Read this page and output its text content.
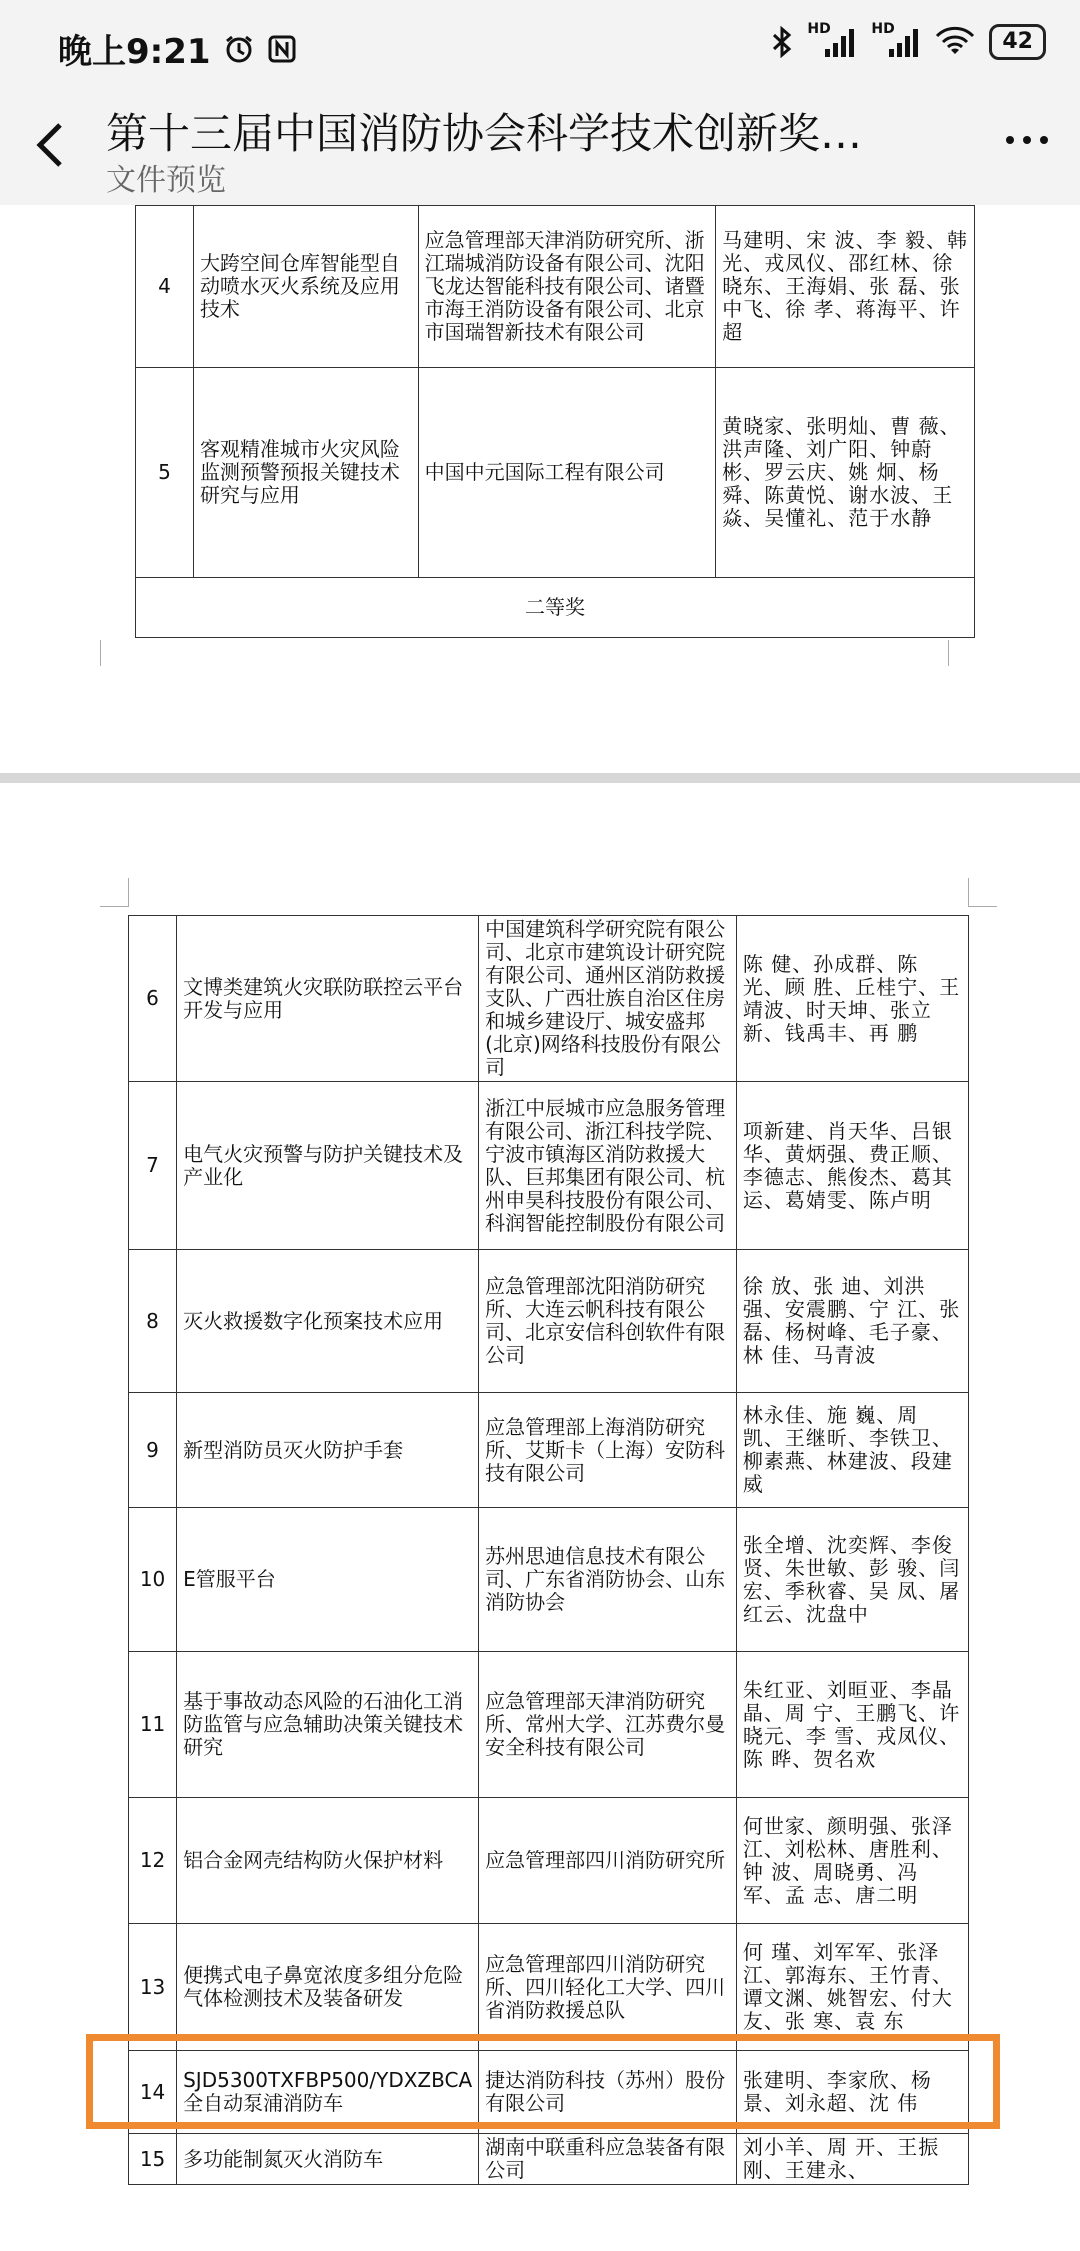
晚上9:21
HD	HD	42
第十三届中国消防协会科学技术创新奖…
文件预览
4	大跨空间仓库智能型自动喷水灭火系统及应用技术	应急管理部天津消防研究所、浙江瑞城消防设备有限公司、沈阳飞龙达智能科技有限公司、诸暨市海王消防设备有限公司、北京市国瑞智新技术有限公司	马建明、宋 波、李 毅、韩 光、戎凤仪、邵红林、徐晓东、王海娟、张 磊、张中飞、徐 孝、蒋海平、许 超
5	客观精准城市火灾风险监测预警预报关键技术研究与应用	中国中元国际工程有限公司	黄晓家、张明灿、曹 薇、洪声隆、刘广阳、钟蔚彬、罗云庆、姚 炯、杨 舜、陈黄悦、谢水波、王 焱、吴懂礼、范于水静
二等奖			
6	文博类建筑火灾联防联控云平台开发与应用	中国建筑科学研究院有限公司、北京市建筑设计研究院有限公司、通州区消防救援支队、广西壮族自治区住房和城乡建设厅、城安盛邦(北京)网络科技股份有限公司	陈 健、孙成群、陈 光、顾 胜、丘桂宁、王靖波、时天坤、张立新、钱禹丰、再 鹏
7	电气火灾预警与防护关键技术及产业化	浙江中辰城市应急服务管理有限公司、浙江科技学院、宁波市镇海区消防救援大队、巨邦集团有限公司、杭州申昊科技股份有限公司、科润智能控制股份有限公司	项新建、肖天华、吕银华、黄炳强、费正顺、李德志、熊俊杰、葛其运、葛婧雯、陈卢明
8	灭火救援数字化预案技术应用	应急管理部沈阳消防研究所、大连云帆科技有限公司、北京安信科创软件有限公司	徐 放、张 迪、刘洪强、安震鹏、宁 江、张 磊、杨树峰、毛子豪、林 佳、马青波
9	新型消防员灭火防护手套	应急管理部上海消防研究所、艾斯卡（上海）安防科技有限公司	林永佳、施 巍、周 凯、王继昕、李铁卫、柳素燕、林建波、段建威
10	E管服平台	苏州思迪信息技术有限公司、广东省消防协会、山东消防协会	张全增、沈奕辉、李俊贤、朱世敏、彭 骏、闫 宏、季秋睿、吴 凤、屠红云、沈盘中
11	基于事故动态风险的石油化工消防监管与应急辅助决策关键技术研究	应急管理部天津消防研究所、常州大学、江苏费尔曼安全科技有限公司	朱红亚、刘晅亚、李晶晶、周 宁、王鹏飞、许晓元、李 雪、戎凤仪、陈 晔、贺名欢
12	铝合金网壳结构防火保护材料	应急管理部四川消防研究所	何世家、颜明强、张泽江、刘松林、唐胜利、钟 波、周晓勇、冯 军、孟 志、唐二明
13	便携式电子鼻宽浓度多组分危险气体检测技术及装备研发	应急管理部四川消防研究所、四川轻化工大学、四川省消防救援总队	何 瑾、刘军军、张泽江、郭海东、王竹青、谭文渊、姚智宏、付大友、张 寒、袁 东
14	SJD5300TXFBP500/YDXZBCA全自动泵浦消防车	捷达消防科技（苏州）股份有限公司	张建明、李家欣、杨 景、刘永超、沈 伟
15	多功能制氮灭火消防车	湖南中联重科应急装备有限公司	刘小羊、周 开、王振刚、王建永、
